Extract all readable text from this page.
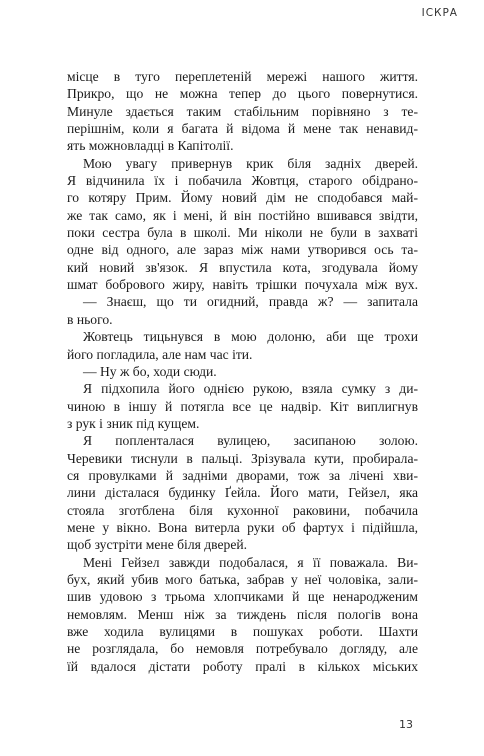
ІСКРА
місце в туго переплетеній мережі нашого життя.
Прикро, що не можна тепер до цього повернутися.
Минуле здається таким стабільним порівняно з те-
перішнім, коли я багата й відома й мене так ненавид-
ять можновладці в Капітолії.
Мою увагу привернув крик біля задніх дверей.
Я відчинила їх і побачила Жовтця, старого обідрано-
го котяру Прим. Йому новий дім не сподобався май-
же так само, як і мені, й він постійно вшивався звідти,
поки сестра була в школі. Ми ніколи не були в захваті
одне від одного, але зараз між нами утворився ось та-
кий новий зв'язок. Я впустила кота, згодувала йому
шмат бобрового жиру, навіть трішки почухала між вух.
— Знаєш, що ти огидний, правда ж? — запитала
в нього.
Жовтець тицьнувся в мою долоню, аби ще трохи
його погладила, але нам час іти.
— Ну ж бо, ходи сюди.
Я підхопила його однією рукою, взяла сумку з ди-
чиною в іншу й потягла все це надвір. Кіт виплигнув
з рук і зник під кущем.
Я попленталася вулицею, засипаною золою.
Черевики тиснули в пальці. Зрізувала кути, пробирала-
ся провулками й задніми дворами, тож за лічені хви-
лини дісталася будинку Ґейла. Його мати, Гейзел, яка
стояла зготблена біля кухонної раковини, побачила
мене у вікно. Вона витерла руки об фартух і підійшла,
щоб зустріти мене біля дверей.
Мені Гейзел завжди подобалася, я її поважала. Ви-
бух, який убив мого батька, забрав у неї чоловіка, зали-
шив удовою з трьома хлопчиками й ще ненародженим
немовлям. Менш ніж за тиждень після пологів вона
вже ходила вулицями в пошуках роботи. Шахти
не розглядала, бо немовля потребувало догляду, але
їй вдалося дістати роботу пралі в кількох міських
13
